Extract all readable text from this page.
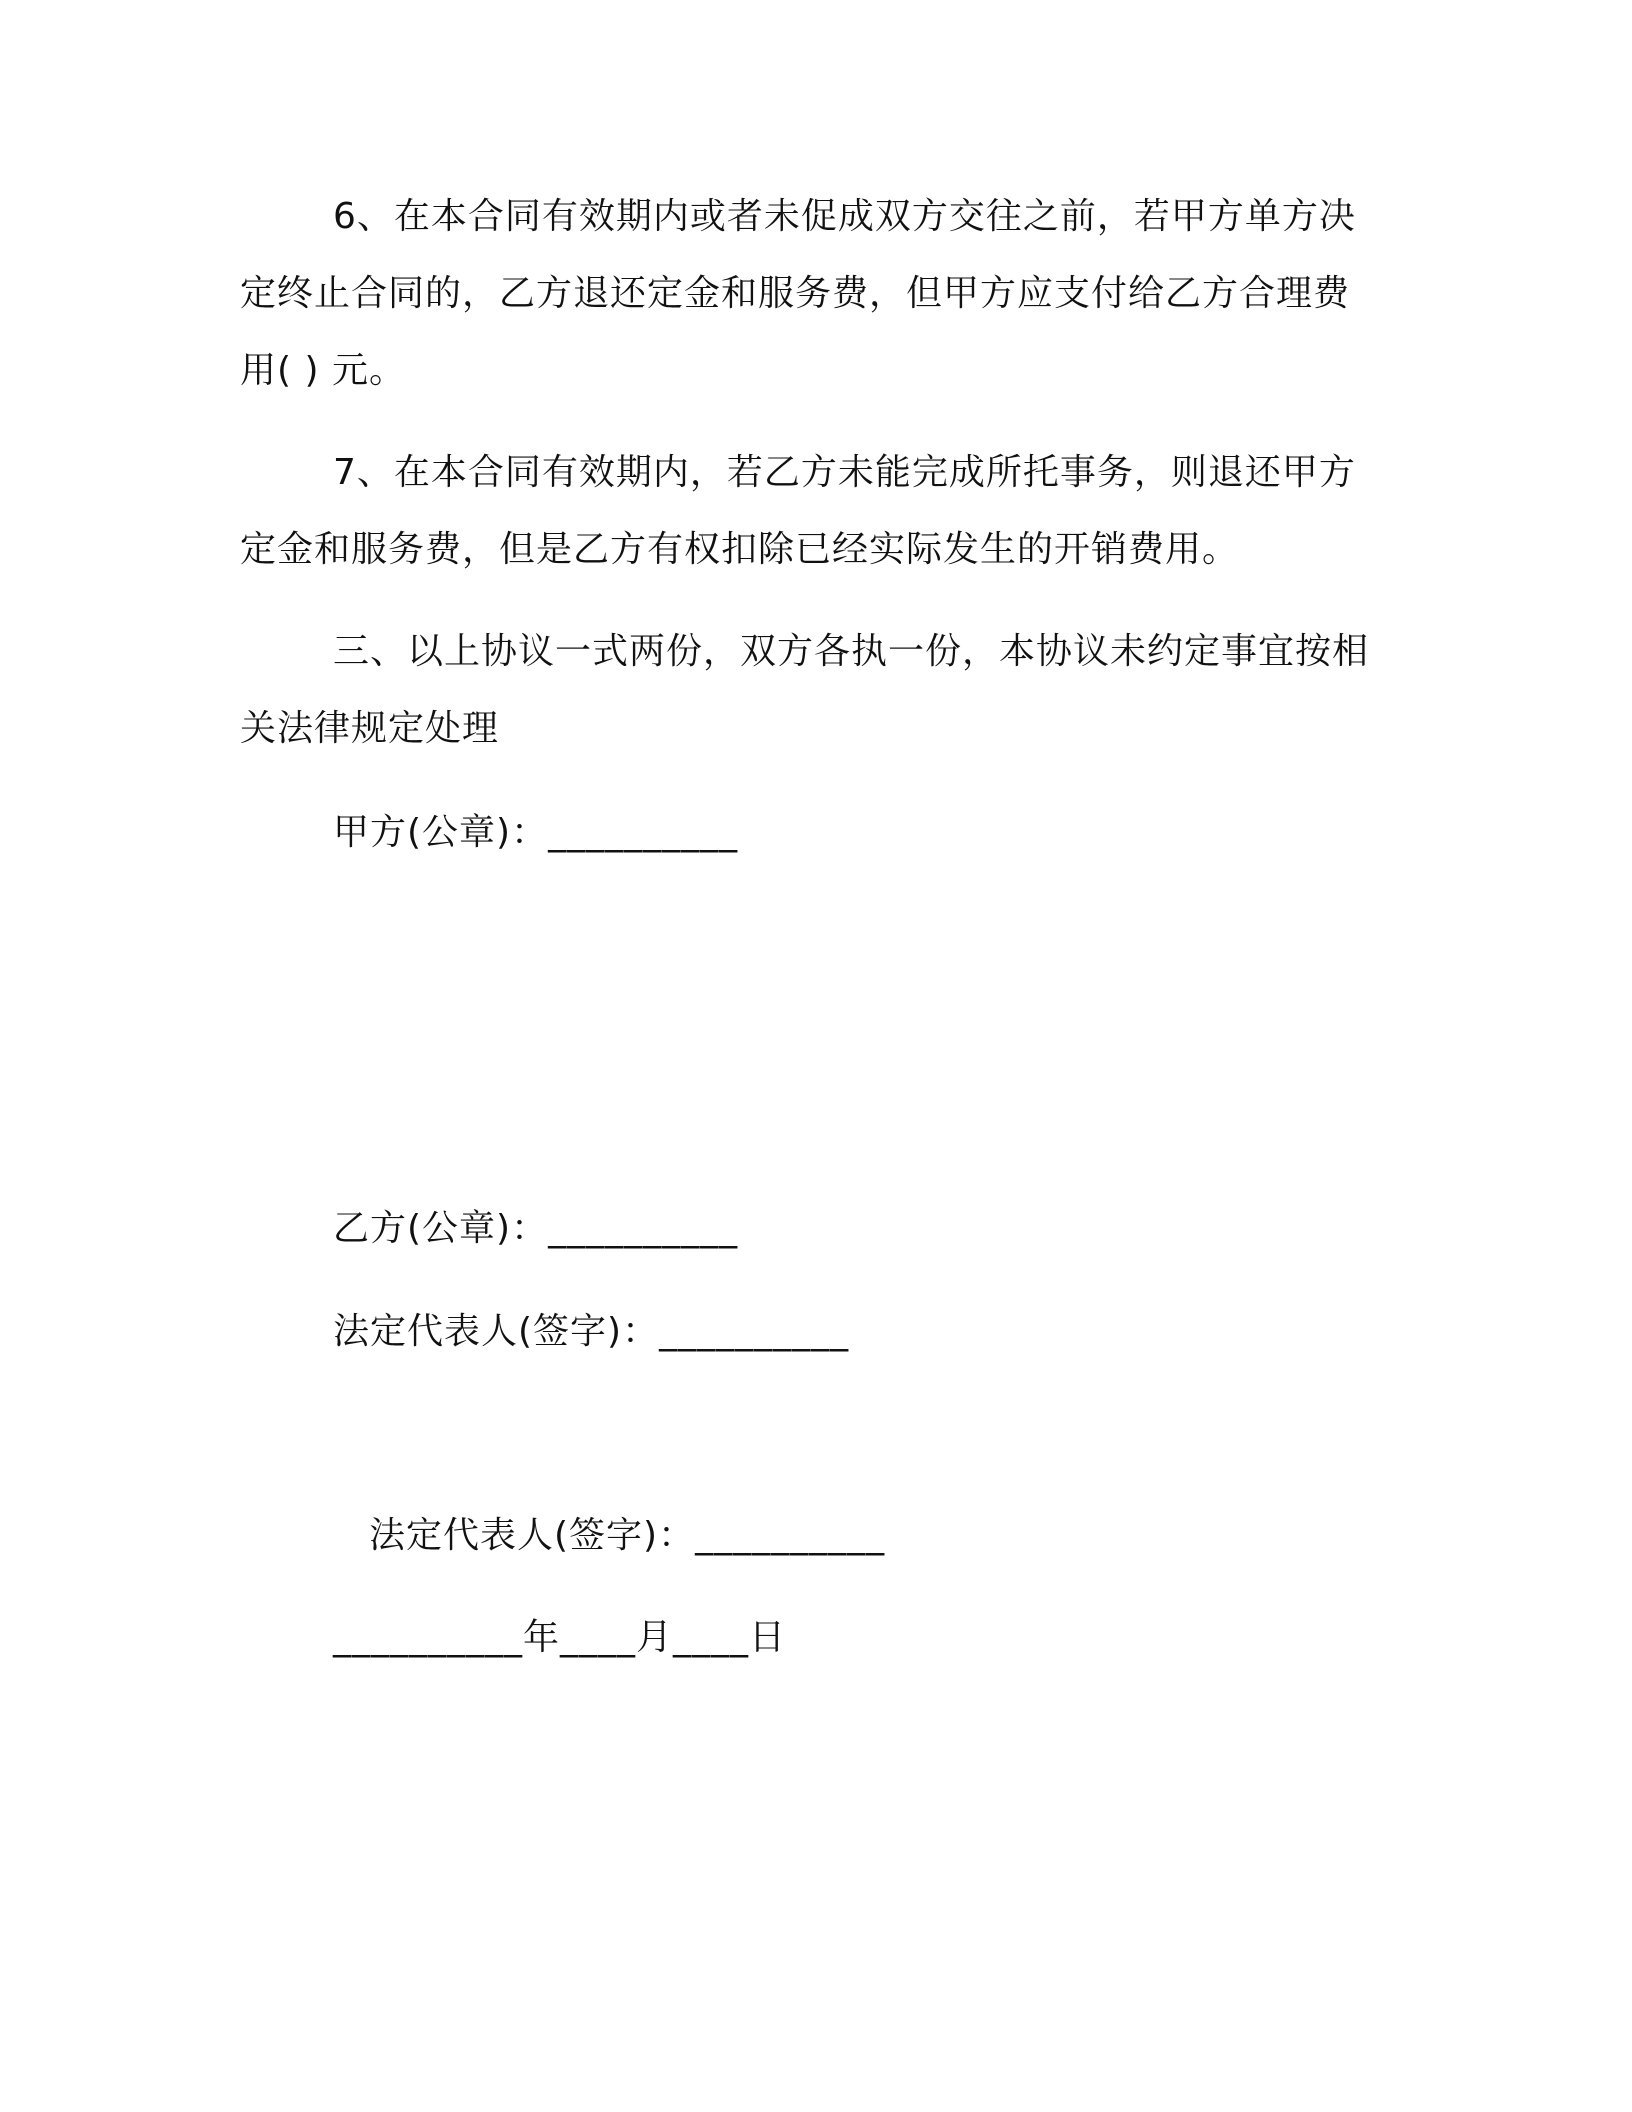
6、在本合同有效期内或者未促成双方交往之前，若甲方单方决
定终止合同的，乙方退还定金和服务费，但甲方应支付给乙方合理费
用( ) 元。
7、在本合同有效期内，若乙方未能完成所托事务，则退还甲方
定金和服务费，但是乙方有权扣除已经实际发生的开销费用。
三、以上协议一式两份，双方各执一份，本协议未约定事宜按相
关法律规定处理
甲方(公章)：__________
乙方(公章)：__________
法定代表人(签字)：__________
法定代表人(签字)：__________
__________年____月____日
